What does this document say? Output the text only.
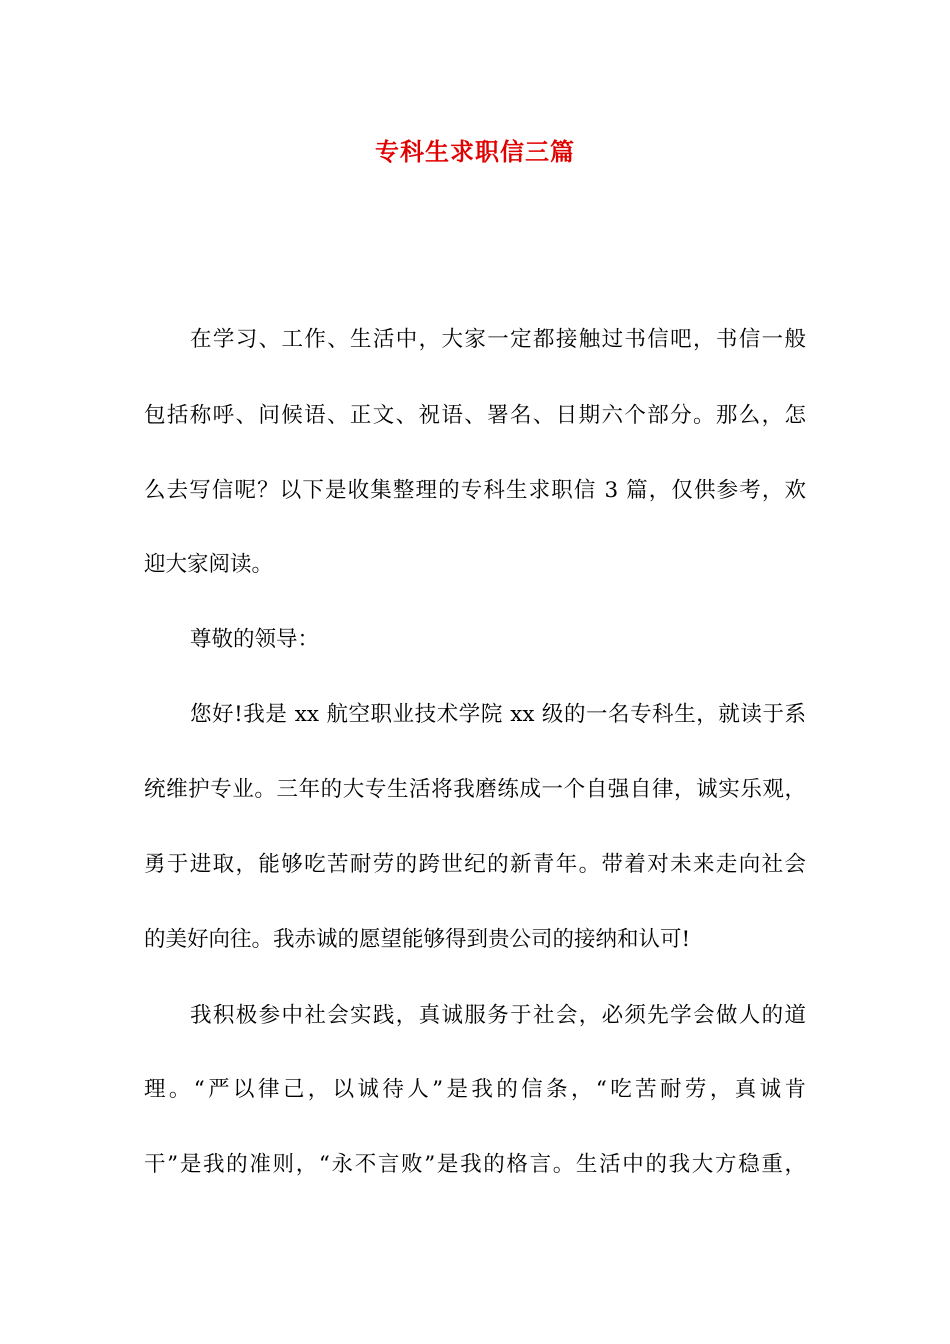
专科生求职信三篇
在学习、工作、生活中，大家一定都接触过书信吧，书信一般
包括称呼、问候语、正文、祝语、署名、日期六个部分。那么，怎
么去写信呢？以下是收集整理的专科生求职信 3 篇，仅供参考，欢
迎大家阅读。
尊敬的领导：
您好!我是 xx 航空职业技术学院 xx 级的一名专科生，就读于系
统维护专业。三年的大专生活将我磨练成一个自强自律，诚实乐观，
勇于进取，能够吃苦耐劳的跨世纪的新青年。带着对未来走向社会
的美好向往。我赤诚的愿望能够得到贵公司的接纳和认可!
我积极参中社会实践，真诚服务于社会，必须先学会做人的道
理。“严以律己，以诚待人”是我的信条，“吃苦耐劳，真诚肯
干”是我的准则，“永不言败”是我的格言。生活中的我大方稳重，
